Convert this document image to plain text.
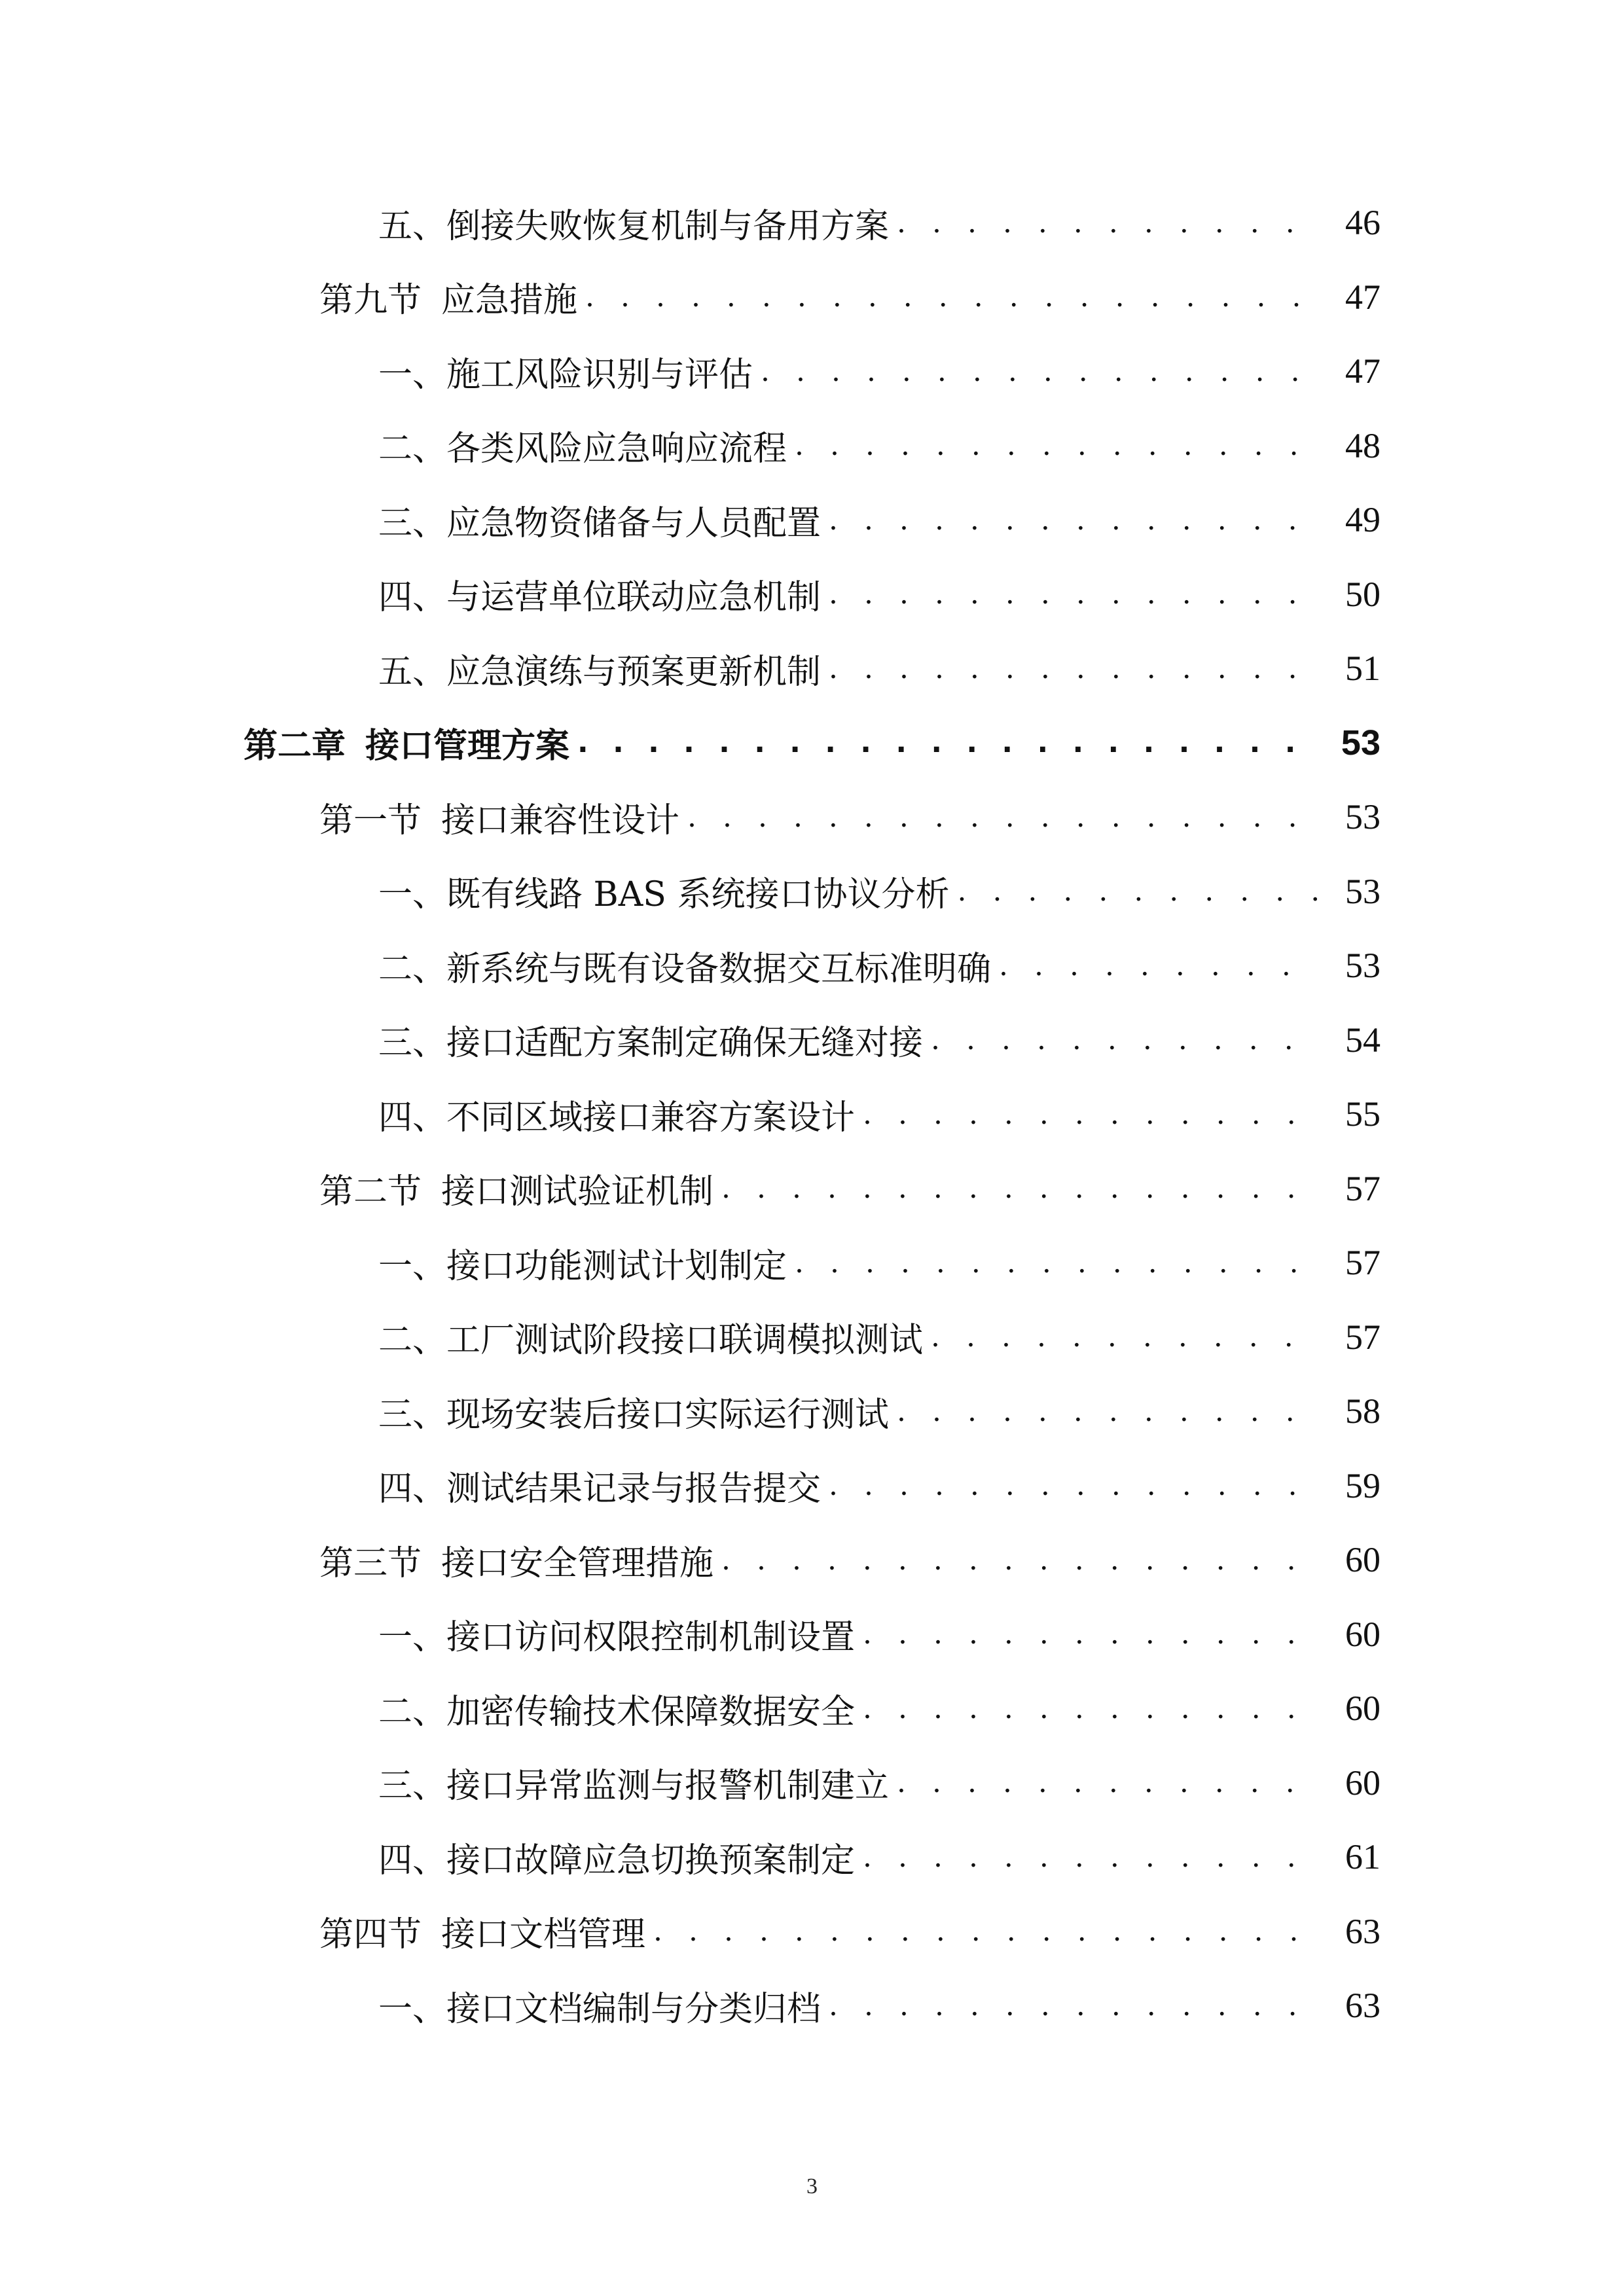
五、 倒接失败恢复机制与备用方案 . . .	46
第九节 应急措施 . . .	47
一、 施工风险识别与评估 . . .	47
二、 各类风险应急响应流程 . . .	48
三、 应急物资储备与人员配置 . . .	49
四、 与运营单位联动应急机制 . . .	50
五、 应急演练与预案更新机制 . . .	51
第二章 接口管理方案 . . .	53
第一节 接口兼容性设计 . . .	53
一、 既有线路 BAS 系统接口协议分析 . . .	53
二、 新系统与既有设备数据交互标准明确 . . .	53
三、 接口适配方案制定确保无缝对接 . . .	54
四、 不同区域接口兼容方案设计 . . .	55
第二节 接口测试验证机制 . . .	57
一、 接口功能测试计划制定 . . .	57
二、 工厂测试阶段接口联调模拟测试 . . .	57
三、 现场安装后接口实际运行测试 . . .	58
四、 测试结果记录与报告提交 . . .	59
第三节 接口安全管理措施 . . .	60
一、 接口访问权限控制机制设置 . . .	60
二、 加密传输技术保障数据安全 . . .	60
三、 接口异常监测与报警机制建立 . . .	60
四、 接口故障应急切换预案制定 . . .	61
第四节 接口文档管理 . . .	63
一、 接口文档编制与分类归档 . . .	63
3
